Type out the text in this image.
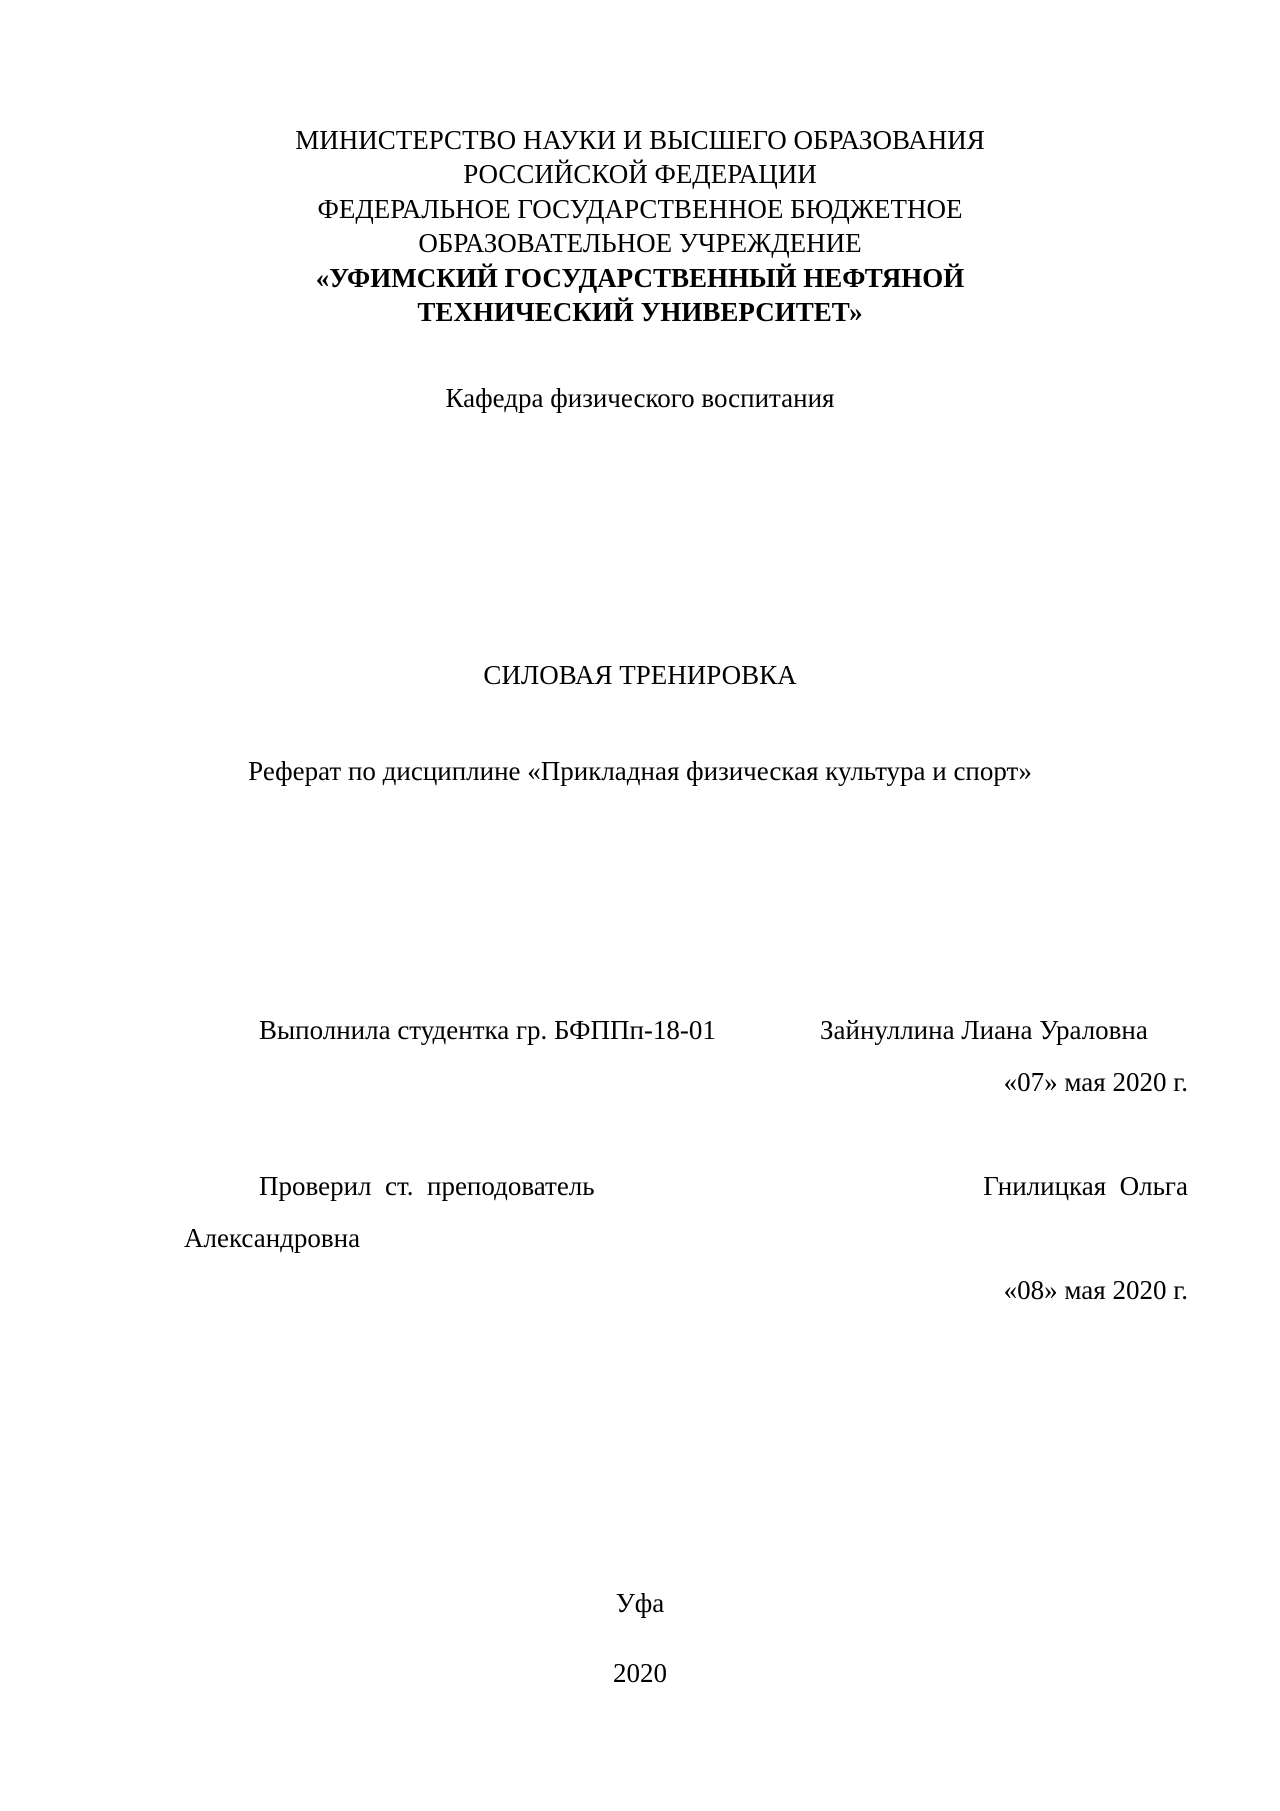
МИНИСТЕРСТВО НАУКИ И ВЫСШЕГО ОБРАЗОВАНИЯ
РОССИЙСКОЙ ФЕДЕРАЦИИ
ФЕДЕРАЛЬНОЕ ГОСУДАРСТВЕННОЕ БЮДЖЕТНОЕ
ОБРАЗОВАТЕЛЬНОЕ УЧРЕЖДЕНИЕ
«УФИМСКИЙ ГОСУДАРСТВЕННЫЙ НЕФТЯНОЙ
ТЕХНИЧЕСКИЙ УНИВЕРСИТЕТ»
Кафедра физического воспитания
СИЛОВАЯ ТРЕНИРОВКА
Реферат по дисциплине «Прикладная физическая культура и спорт»
Выполнила студентка гр. БФППп-18-01	Зайнуллина Лиана Ураловна
«07» мая 2020 г.
Проверил  ст.  преподователь	Гнилицкая  Ольга
Александровна
«08» мая 2020 г.
Уфа
2020
